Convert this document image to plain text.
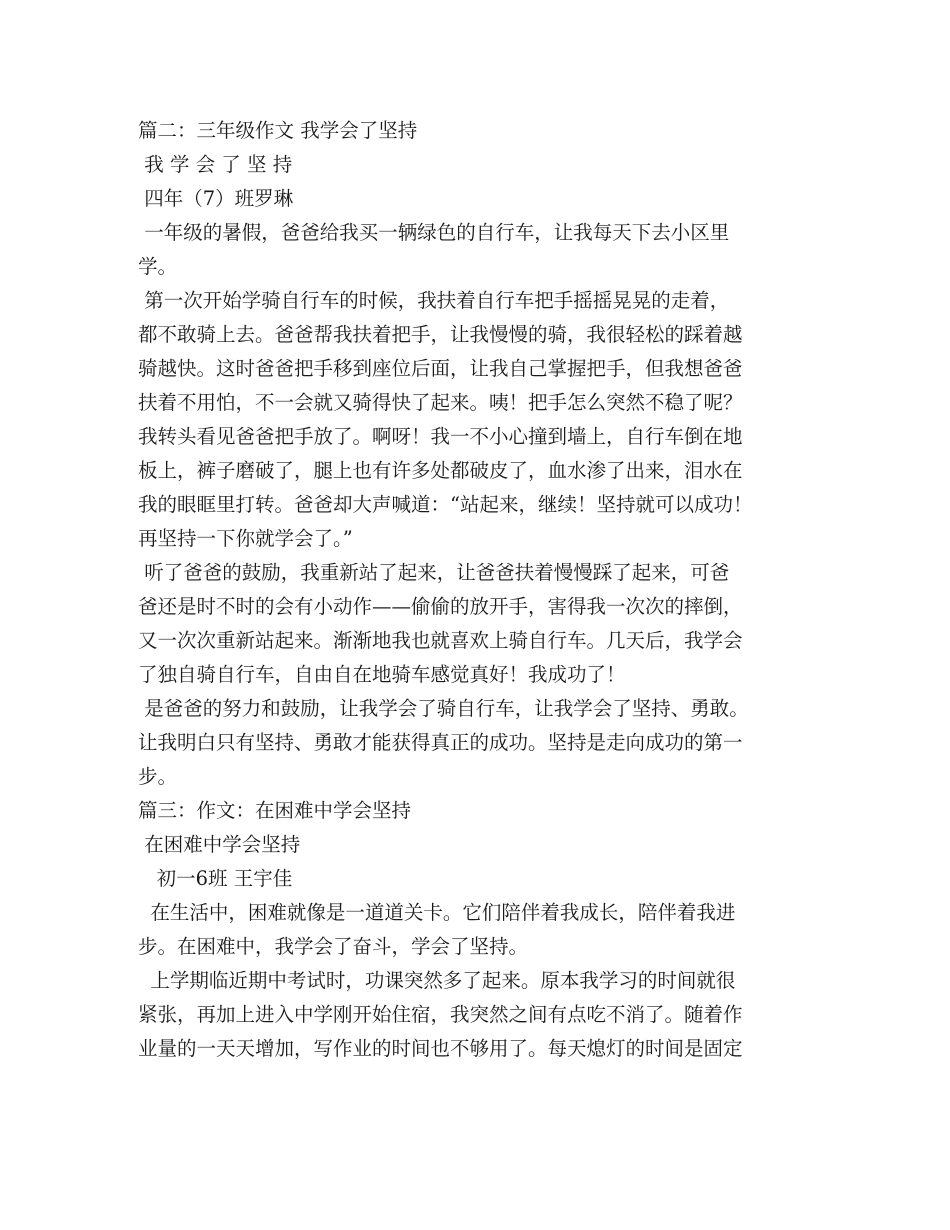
篇二：三年级作文 我学会了坚持

我 学 会 了 坚 持

四年（7）班罗琳

一年级的暑假，爸爸给我买一辆绿色的自行车，让我每天下去小区里

学。

第一次开始学骑自行车的时候，我扶着自行车把手摇摇晃晃的走着，

都不敢骑上去。爸爸帮我扶着把手，让我慢慢的骑，我很轻松的踩着越

骑越快。这时爸爸把手移到座位后面，让我自己掌握把手，但我想爸爸

扶着不用怕，不一会就又骑得快了起来。咦！把手怎么突然不稳了呢？

我转头看见爸爸把手放了。啊呀！我一不小心撞到墙上，自行车倒在地

板上，裤子磨破了，腿上也有许多处都破皮了，血水渗了出来，泪水在

我的眼眶里打转。爸爸却大声喊道：“站起来，继续！坚持就可以成功！

再坚持一下你就学会了。”

听了爸爸的鼓励，我重新站了起来，让爸爸扶着慢慢踩了起来，可爸

爸还是时不时的会有小动作——偷偷的放开手，害得我一次次的摔倒，

又一次次重新站起来。渐渐地我也就喜欢上骑自行车。几天后，我学会

了独自骑自行车，自由自在地骑车感觉真好！我成功了！

是爸爸的努力和鼓励，让我学会了骑自行车，让我学会了坚持、勇敢。

让我明白只有坚持、勇敢才能获得真正的成功。坚持是走向成功的第一

步。

篇三：作文：在困难中学会坚持

在困难中学会坚持

初一6班 王宇佳

在生活中，困难就像是一道道关卡。它们陪伴着我成长，陪伴着我进

步。在困难中，我学会了奋斗，学会了坚持。

上学期临近期中考试时，功课突然多了起来。原本我学习的时间就很

紧张，再加上进入中学刚开始住宿，我突然之间有点吃不消了。随着作

业量的一天天增加，写作业的时间也不够用了。每天熄灯的时间是固定
